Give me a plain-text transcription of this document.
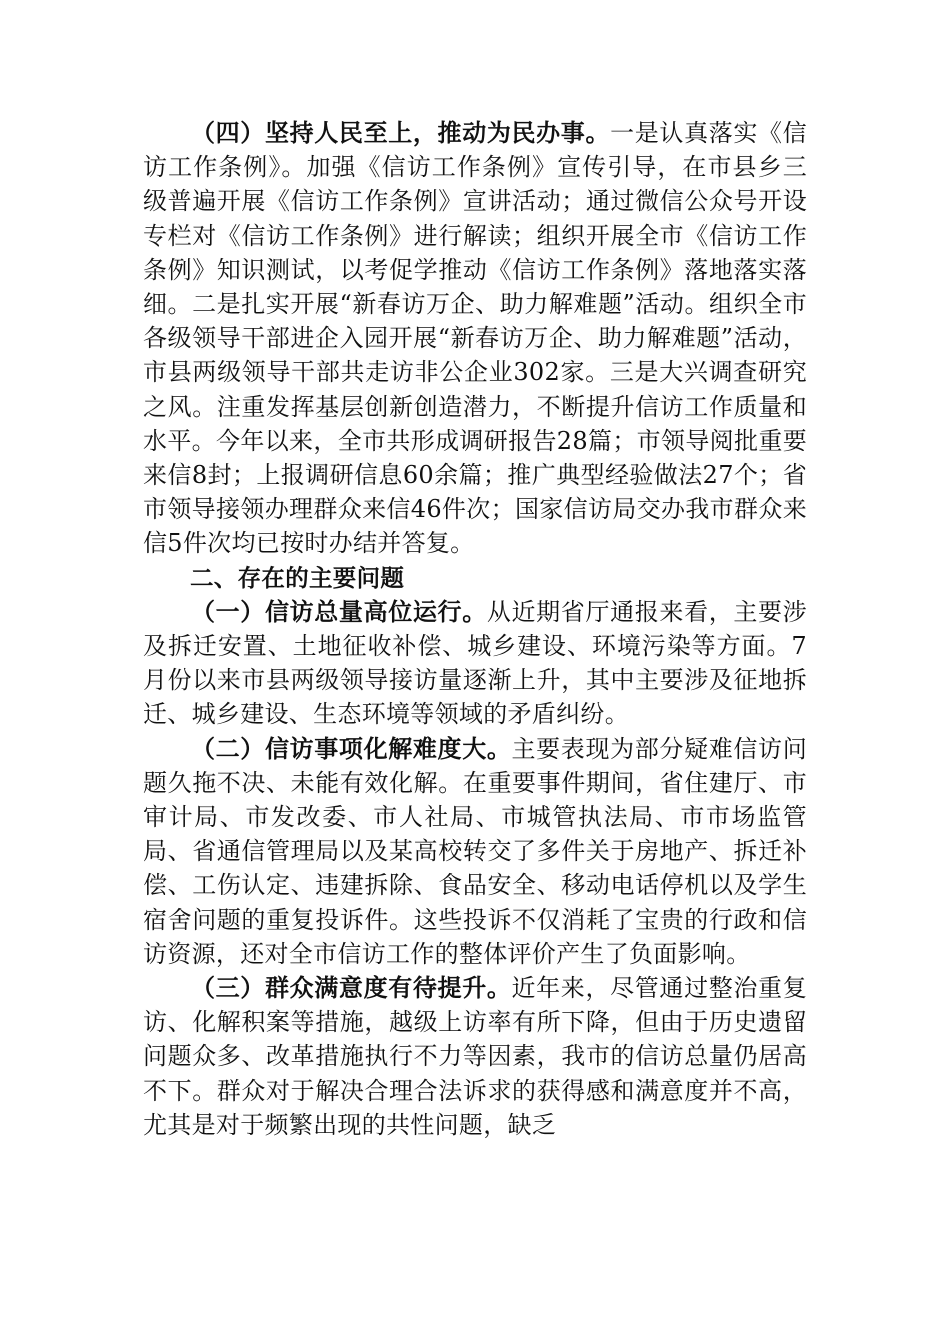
（四）坚持人民至上，推动为民办事。一是认真落实《信访工作条例》。加强《信访工作条例》宣传引导，在市县乡三级普遍开展《信访工作条例》宣讲活动；通过微信公众号开设专栏对《信访工作条例》进行解读；组织开展全市《信访工作条例》知识测试，以考促学推动《信访工作条例》落地落实落细。二是扎实开展“新春访万企、助力解难题”活动。组织全市各级领导干部进企入园开展“新春访万企、助力解难题”活动，市县两级领导干部共走访非公企业302家。三是大兴调查研究之风。注重发挥基层创新创造潜力，不断提升信访工作质量和水平。今年以来，全市共形成调研报告28篇；市领导阅批重要来信8封；上报调研信息60余篇；推广典型经验做法27个；省市领导接领办理群众来信46件次；国家信访局交办我市群众来信5件次均已按时办结并答复。

二、存在的主要问题

（一）信访总量高位运行。从近期省厅通报来看，主要涉及拆迁安置、土地征收补偿、城乡建设、环境污染等方面。7月份以来市县两级领导接访量逐渐上升，其中主要涉及征地拆迁、城乡建设、生态环境等领域的矛盾纠纷。

（二）信访事项化解难度大。主要表现为部分疑难信访问题久拖不决、未能有效化解。在重要事件期间，省住建厅、市审计局、市发改委、市人社局、市城管执法局、市市场监管局、省通信管理局以及某高校转交了多件关于房地产、拆迁补偿、工伤认定、违建拆除、食品安全、移动电话停机以及学生宿舍问题的重复投诉件。这些投诉不仅消耗了宝贵的行政和信访资源，还对全市信访工作的整体评价产生了负面影响。

（三）群众满意度有待提升。近年来，尽管通过整治重复访、化解积案等措施，越级上访率有所下降，但由于历史遗留问题众多、改革措施执行不力等因素，我市的信访总量仍居高不下。群众对于解决合理合法诉求的获得感和满意度并不高，尤其是对于频繁出现的共性问题，缺乏
